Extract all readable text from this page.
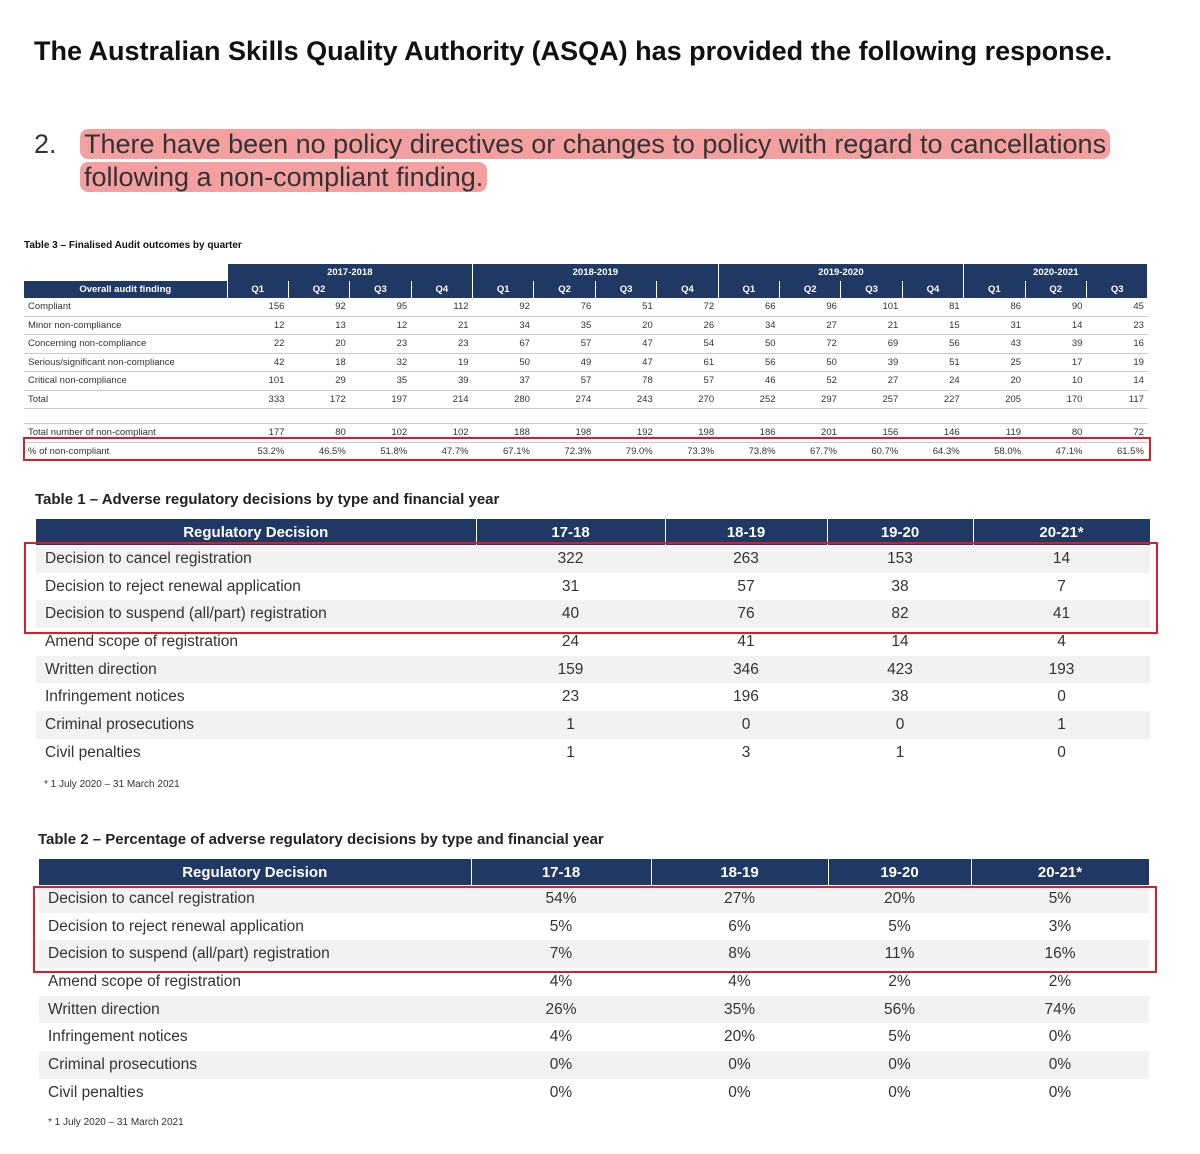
The Australian Skills Quality Authority (ASQA) has provided the following response.
2. There have been no policy directives or changes to policy with regard to cancellations following a non-compliant finding.
Table 3 – Finalised Audit outcomes by quarter
	2017-2018				2018-2019				2019-2020				2020-2021		
Overall audit finding	Q1	Q2	Q3	Q4	Q1	Q2	Q3	Q4	Q1	Q2	Q3	Q4	Q1	Q2	Q3
Compliant	156	92	95	112	92	76	51	72	66	96	101	81	86	90	45
Minor non-compliance	12	13	12	21	34	35	20	26	34	27	21	15	31	14	23
Concerning non-compliance	22	20	23	23	67	57	47	54	50	72	69	56	43	39	16
Serious/significant non-compliance	42	18	32	19	50	49	47	61	56	50	39	51	25	17	19
Critical non-compliance	101	29	35	39	37	57	78	57	46	52	27	24	20	10	14
Total	333	172	197	214	280	274	243	270	252	297	257	227	205	170	117

Total number of non-compliant	177	80	102	102	188	198	192	198	186	201	156	146	119	80	72
% of non-compliant	53.2%	46.5%	51.8%	47.7%	67.1%	72.3%	79.0%	73.3%	73.8%	67.7%	60.7%	64.3%	58.0%	47.1%	61.5%
Table 1 – Adverse regulatory decisions by type and financial year
Regulatory Decision	17-18	18-19	19-20	20-21*
Decision to cancel registration	322	263	153	14
Decision to reject renewal application	31	57	38	7
Decision to suspend (all/part) registration	40	76	82	41
Amend scope of registration	24	41	14	4
Written direction	159	346	423	193
Infringement notices	23	196	38	0
Criminal prosecutions	1	0	0	1
Civil penalties	1	3	1	0
* 1 July 2020 – 31 March 2021
Table 2 – Percentage of adverse regulatory decisions by type and financial year
Regulatory Decision	17-18	18-19	19-20	20-21*
Decision to cancel registration	54%	27%	20%	5%
Decision to reject renewal application	5%	6%	5%	3%
Decision to suspend (all/part) registration	7%	8%	11%	16%
Amend scope of registration	4%	4%	2%	2%
Written direction	26%	35%	56%	74%
Infringement notices	4%	20%	5%	0%
Criminal prosecutions	0%	0%	0%	0%
Civil penalties	0%	0%	0%	0%
* 1 July 2020 – 31 March 2021
